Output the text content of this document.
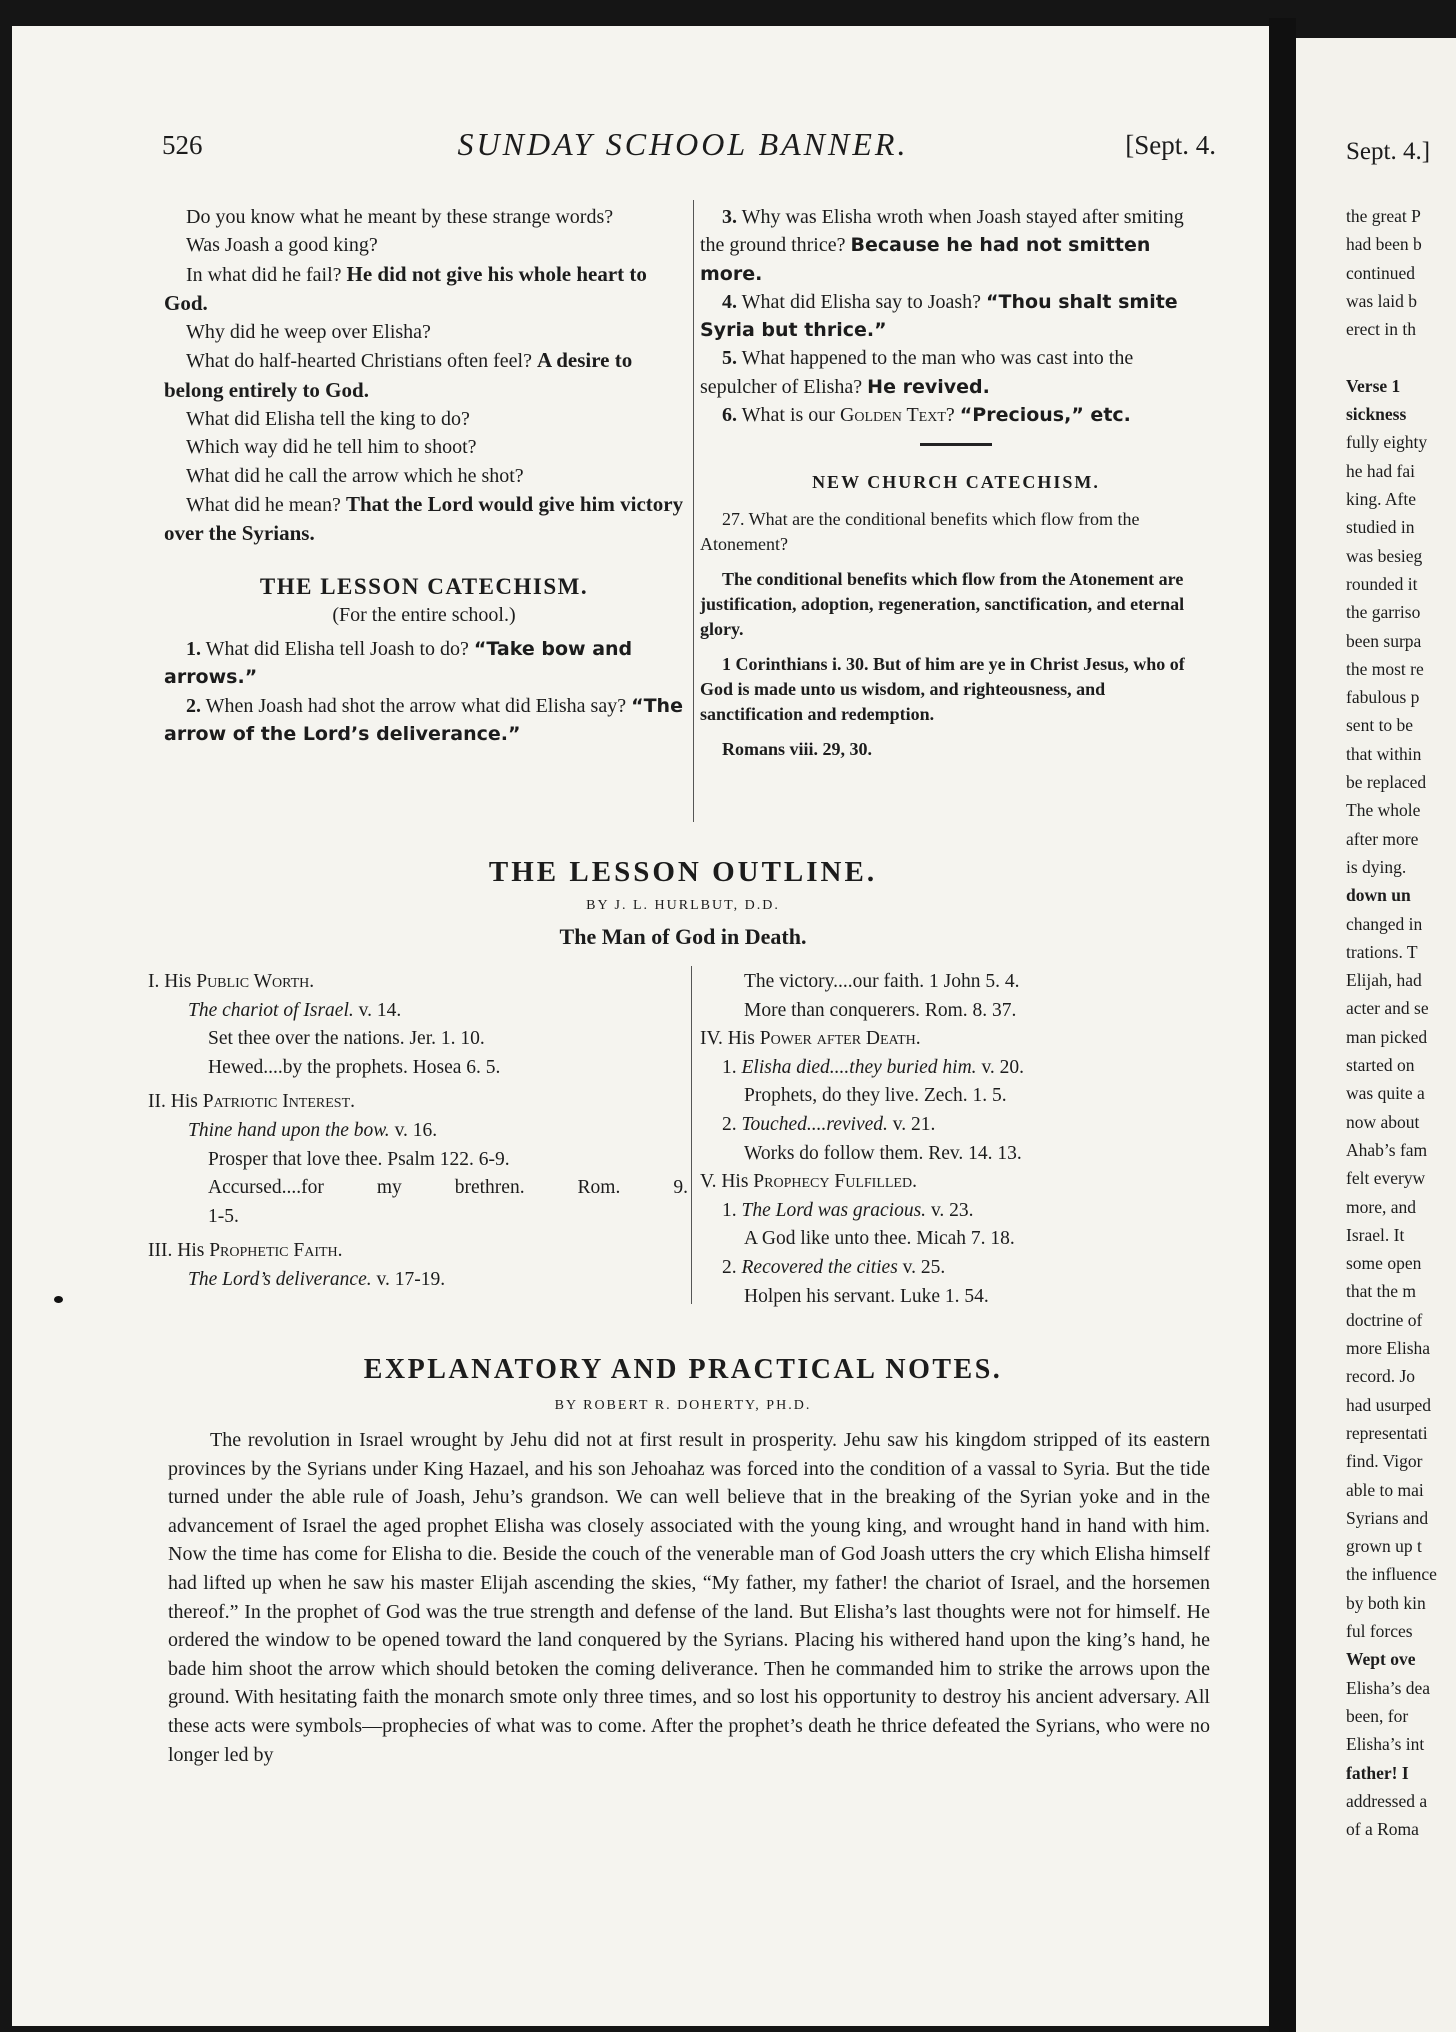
Sept. 4.]
the great P
had been b
continued
was laid b
erect in th
Verse 1
sickness
fully eighty
he had fai
king. Afte
studied in
was besieg
rounded it
the garriso
been surpa
the most re
fabulous p
sent to be
that within
be replaced
The whole
after more
is dying.
down un
changed in
trations. T
Elijah, had
acter and se
man picked
started on
was quite a
now about
Ahab’s fam
felt everyw
more, and
Israel. It
some open
that the m
doctrine of
more Elisha
record. Jo
had usurped
representati
find. Vigor
able to mai
Syrians and
grown up t
the influence
by both kin
ful forces
Wept ove
Elisha’s dea
been, for
Elisha’s int
father! I
addressed a
of a Roma
526	SUNDAY SCHOOL BANNER.	[Sept. 4.

Do you know what he meant by these strange words?

Was Joash a good king?

In what did he fail? He did not give his whole heart to God.

Why did he weep over Elisha?

What do half-hearted Christians often feel? A desire to belong entirely to God.

What did Elisha tell the king to do?

Which way did he tell him to shoot?

What did he call the arrow which he shot?

What did he mean? That the Lord would give him victory over the Syrians.

THE LESSON CATECHISM.
(For the entire school.)

1. What did Elisha tell Joash to do? “Take bow and arrows.”

2. When Joash had shot the arrow what did Elisha say? “The arrow of the Lord’s deliverance.”

3. Why was Elisha wroth when Joash stayed after smiting the ground thrice? Because he had not smitten more.

4. What did Elisha say to Joash? “Thou shalt smite Syria but thrice.”

5. What happened to the man who was cast into the sepulcher of Elisha? He revived.

6. What is our Golden Text? “Precious,” etc.

NEW CHURCH CATECHISM.

27. What are the conditional benefits which flow from the Atonement?

The conditional benefits which flow from the Atonement are justification, adoption, regeneration, sanctification, and eternal glory.

1 Corinthians i. 30. But of him are ye in Christ Jesus, who of God is made unto us wisdom, and righteousness, and sanctification and redemption.

Romans viii. 29, 30.

THE LESSON OUTLINE.
BY J. L. HURLBUT, D.D.
The Man of God in Death.
I. His Public Worth.
The chariot of Israel. v. 14.
Set thee over the nations. Jer. 1. 10.
Hewed....by the prophets. Hosea 6. 5.
II. His Patriotic Interest.
Thine hand upon the bow. v. 16.
Prosper that love thee. Psalm 122. 6-9.
Accursed....for	my	brethren.	Rom.	9.
1-5.
III. His Prophetic Faith.
The Lord’s deliverance. v. 17-19.
The victory....our faith. 1 John 5. 4.
More than conquerers. Rom. 8. 37.
IV. His Power after Death.
1. Elisha died....they buried him. v. 20.
Prophets, do they live. Zech. 1. 5.
2. Touched....revived. v. 21.
Works do follow them. Rev. 14. 13.
V. His Prophecy Fulfilled.
1. The Lord was gracious. v. 23.
A God like unto thee. Micah 7. 18.
2. Recovered the cities v. 25.
Holpen his servant. Luke 1. 54.
EXPLANATORY AND PRACTICAL NOTES.
BY ROBERT R. DOHERTY, PH.D.
The revolution in Israel wrought by Jehu did not at first result in prosperity. Jehu saw his kingdom stripped of its eastern provinces by the Syrians under King Hazael, and his son Jehoahaz was forced into the condition of a vassal to Syria. But the tide turned under the able rule of Joash, Jehu’s grandson. We can well believe that in the breaking of the Syrian yoke and in the advancement of Israel the aged prophet Elisha was closely associated with the young king, and wrought hand in hand with him. Now the time has come for Elisha to die. Beside the couch of the venerable man of God Joash utters the cry which Elisha himself had lifted up when he saw his master Elijah ascending the skies, “My father, my father! the chariot of Israel, and the horsemen thereof.” In the prophet of God was the true strength and defense of the land. But Elisha’s last thoughts were not for himself. He ordered the window to be opened toward the land conquered by the Syrians. Placing his withered hand upon the king’s hand, he bade him shoot the arrow which should betoken the coming deliverance. Then he commanded him to strike the arrows upon the ground. With hesitating faith the monarch smote only three times, and so lost his opportunity to destroy his ancient adversary. All these acts were symbols—prophecies of what was to come. After the prophet’s death he thrice defeated the Syrians, who were no longer led by
